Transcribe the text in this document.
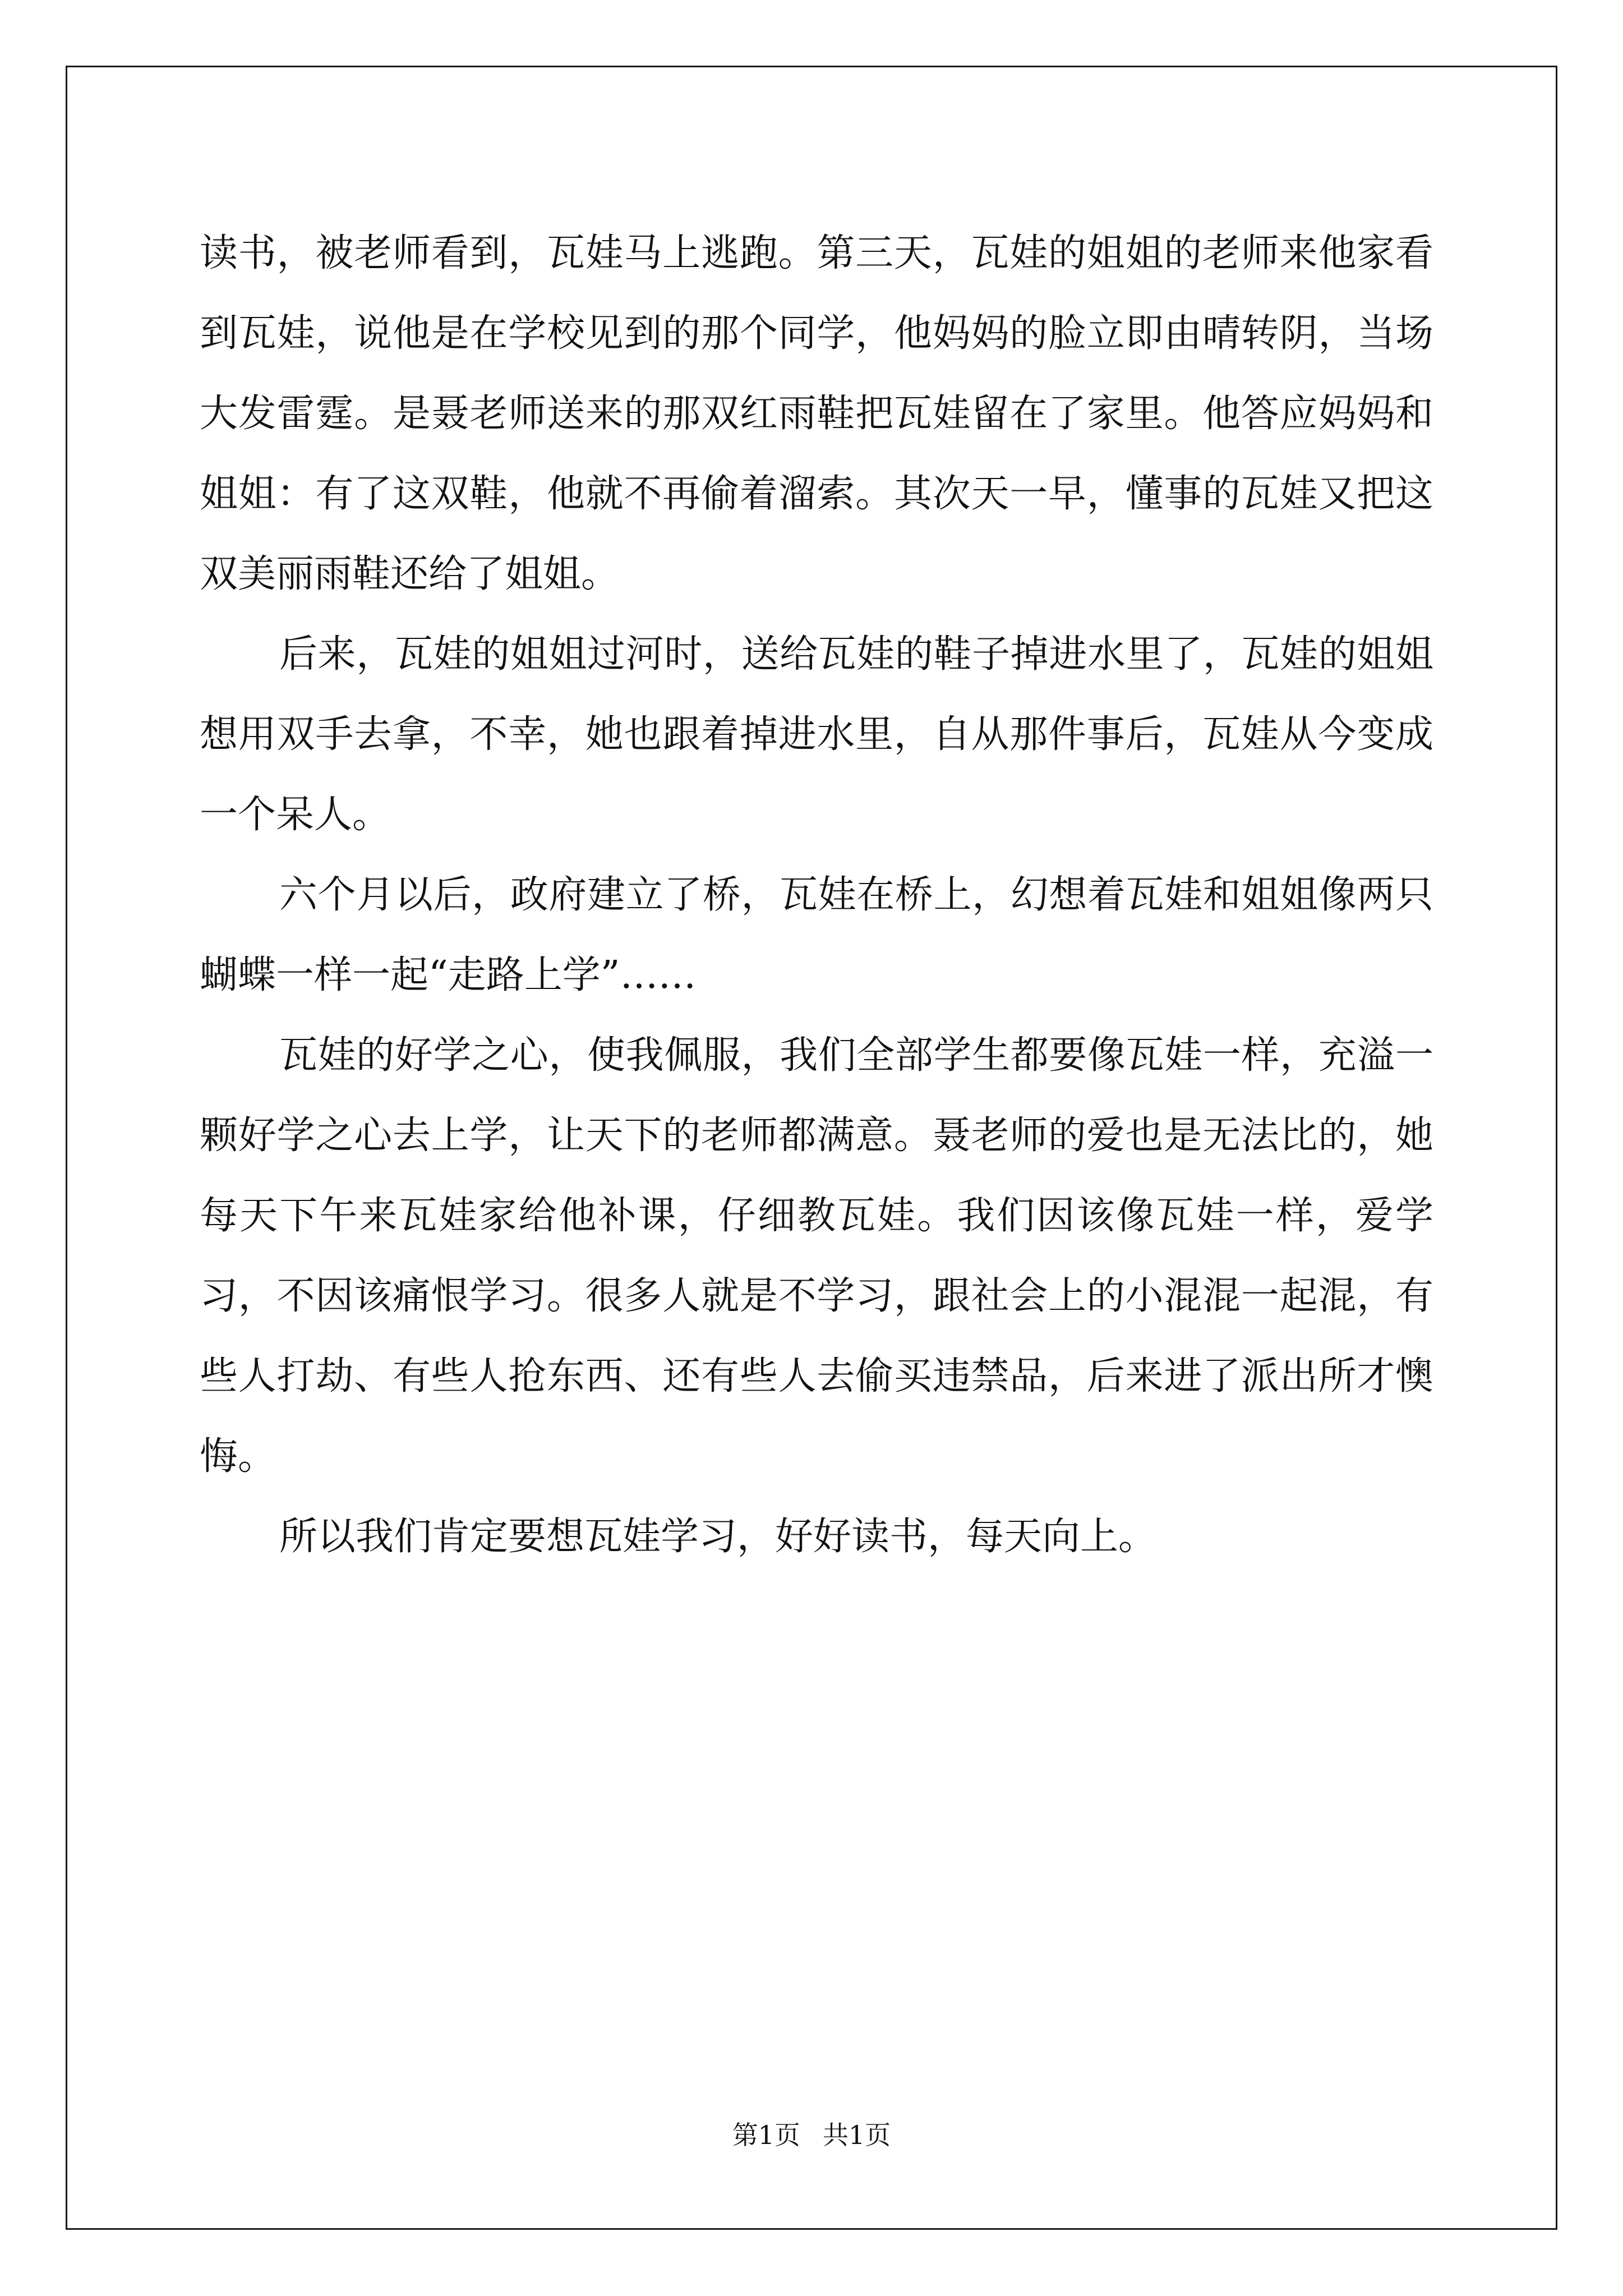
读书，被老师看到，瓦娃马上逃跑。第三天，瓦娃的姐姐的老师来他家看到瓦娃，说他是在学校见到的那个同学，他妈妈的脸立即由晴转阴，当场大发雷霆。是聂老师送来的那双红雨鞋把瓦娃留在了家里。他答应妈妈和姐姐：有了这双鞋，他就不再偷着溜索。其次天一早，懂事的瓦娃又把这双美丽雨鞋还给了姐姐。

后来，瓦娃的姐姐过河时，送给瓦娃的鞋子掉进水里了，瓦娃的姐姐想用双手去拿，不幸，她也跟着掉进水里，自从那件事后，瓦娃从今变成一个呆人。

六个月以后，政府建立了桥，瓦娃在桥上，幻想着瓦娃和姐姐像两只蝴蝶一样一起“走路上学”……

瓦娃的好学之心，使我佩服，我们全部学生都要像瓦娃一样，充溢一颗好学之心去上学，让天下的老师都满意。聂老师的爱也是无法比的，她每天下午来瓦娃家给他补课，仔细教瓦娃。我们因该像瓦娃一样，爱学习，不因该痛恨学习。很多人就是不学习，跟社会上的小混混一起混，有些人打劫、有些人抢东西、还有些人去偷买违禁品，后来进了派出所才懊悔。

所以我们肯定要想瓦娃学习，好好读书，每天向上。

第1页 共1页
